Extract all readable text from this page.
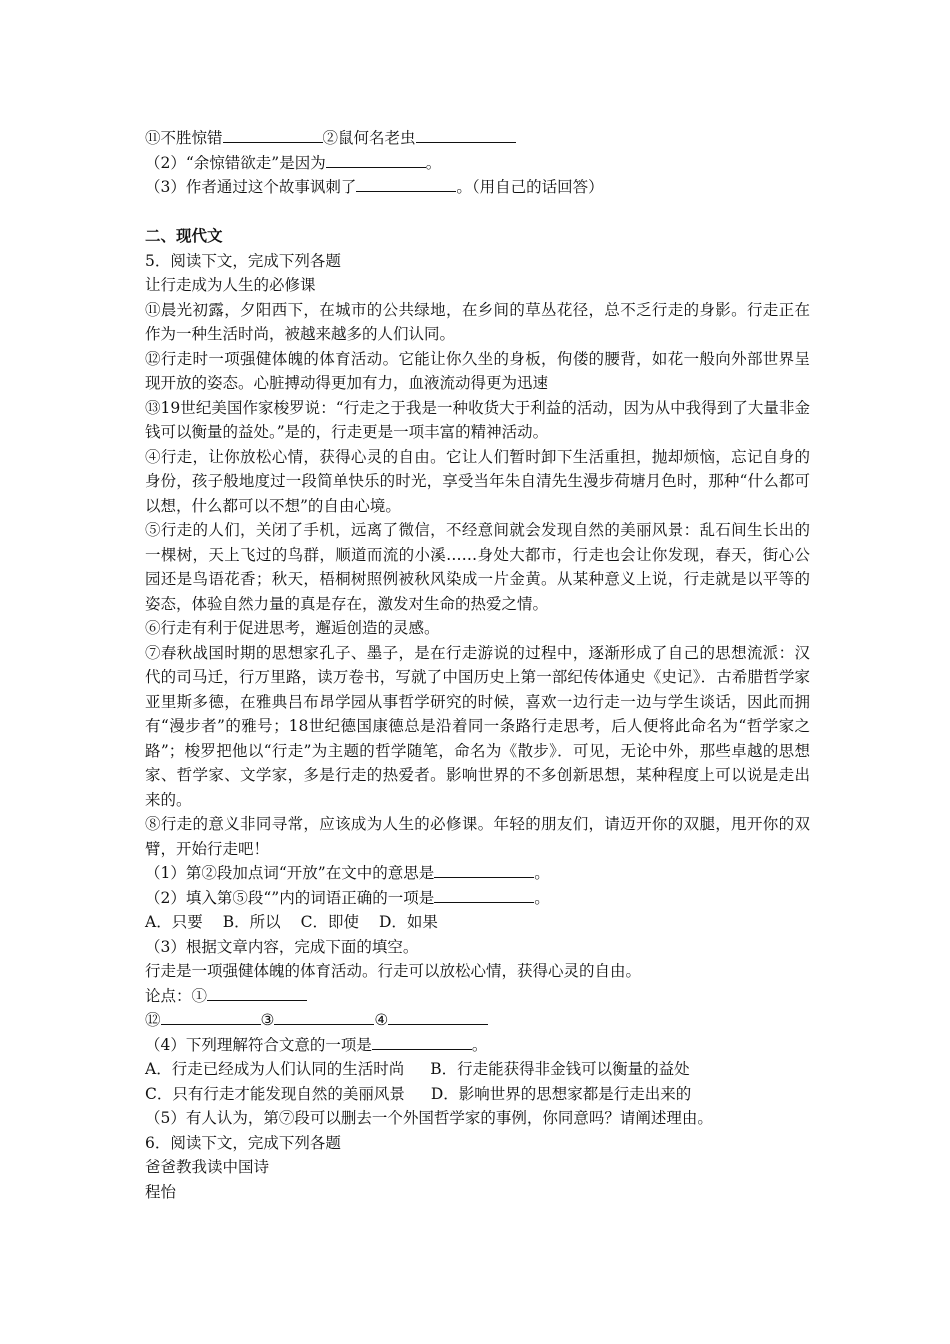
⑪不胜惊错	②鼠何名老虫
（2）“余惊错欲走”是因为	。
（3）作者通过这个故事讽刺了	。（用自己的话回答）
二、现代文
5．阅读下文，完成下列各题
让行走成为人生的必修课
⑪晨光初露，夕阳西下，在城市的公共绿地，在乡间的草丛花径，总不乏行走的身影。行走正在作为一种生活时尚，被越来越多的人们认同。
⑫行走时一项强健体魄的体育活动。它能让你久坐的身板，佝偻的腰背，如花一般向外部世界呈现开放的姿态。心脏搏动得更加有力，血液流动得更为迅速
⑬19世纪美国作家梭罗说：“行走之于我是一种收货大于利益的活动，因为从中我得到了大量非金钱可以衡量的益处。”是的，行走更是一项丰富的精神活动。
④行走，让你放松心情，获得心灵的自由。它让人们暂时卸下生活重担，抛却烦恼，忘记自身的身份，孩子般地度过一段简单快乐的时光，享受当年朱自清先生漫步荷塘月色时，那种“什么都可以想，什么都可以不想”的自由心境。
⑤行走的人们，关闭了手机，远离了微信，不经意间就会发现自然的美丽风景：乱石间生长出的一棵树，天上飞过的鸟群，顺道而流的小溪……身处大都市，行走也会让你发现，春天，街心公园还是鸟语花香；秋天，梧桐树照例被秋风染成一片金黄。从某种意义上说，行走就是以平等的姿态，体验自然力量的真是存在，激发对生命的热爱之情。
⑥行走有利于促进思考，邂逅创造的灵感。
⑦春秋战国时期的思想家孔子、墨子，是在行走游说的过程中，逐渐形成了自己的思想流派：汉代的司马迁，行万里路，读万卷书，写就了中国历史上第一部纪传体通史《史记》．古希腊哲学家亚里斯多德，在雅典吕布昂学园从事哲学研究的时候，喜欢一边行走一边与学生谈话，因此而拥有“漫步者”的雅号；18世纪德国康德总是沿着同一条路行走思考，后人便将此命名为“哲学家之路”；梭罗把他以“行走”为主题的哲学随笔，命名为《散步》．可见，无论中外，那些卓越的思想家、哲学家、文学家，多是行走的热爱者。影响世界的不多创新思想，某种程度上可以说是走出来的。
⑧行走的意义非同寻常，应该成为人生的必修课。年轻的朋友们，请迈开你的双腿，甩开你的双臂，开始行走吧！
（1）第②段加点词“开放”在文中的意思是	。
（2）填入第⑤段“”内的词语正确的一项是	。
A．只要 B．所以 C．即使 D．如果
（3）根据文章内容，完成下面的填空。
行走是一项强健体魄的体育活动。行走可以放松心情，获得心灵的自由。
论点：①
⑫	③	④
（4）下列理解符合文意的一项是	。
A．行走已经成为人们认同的生活时尚 B．行走能获得非金钱可以衡量的益处
C．只有行走才能发现自然的美丽风景 D．影响世界的思想家都是行走出来的
（5）有人认为，第⑦段可以删去一个外国哲学家的事例，你同意吗？请阐述理由。
6．阅读下文，完成下列各题
爸爸教我读中国诗
程怡
